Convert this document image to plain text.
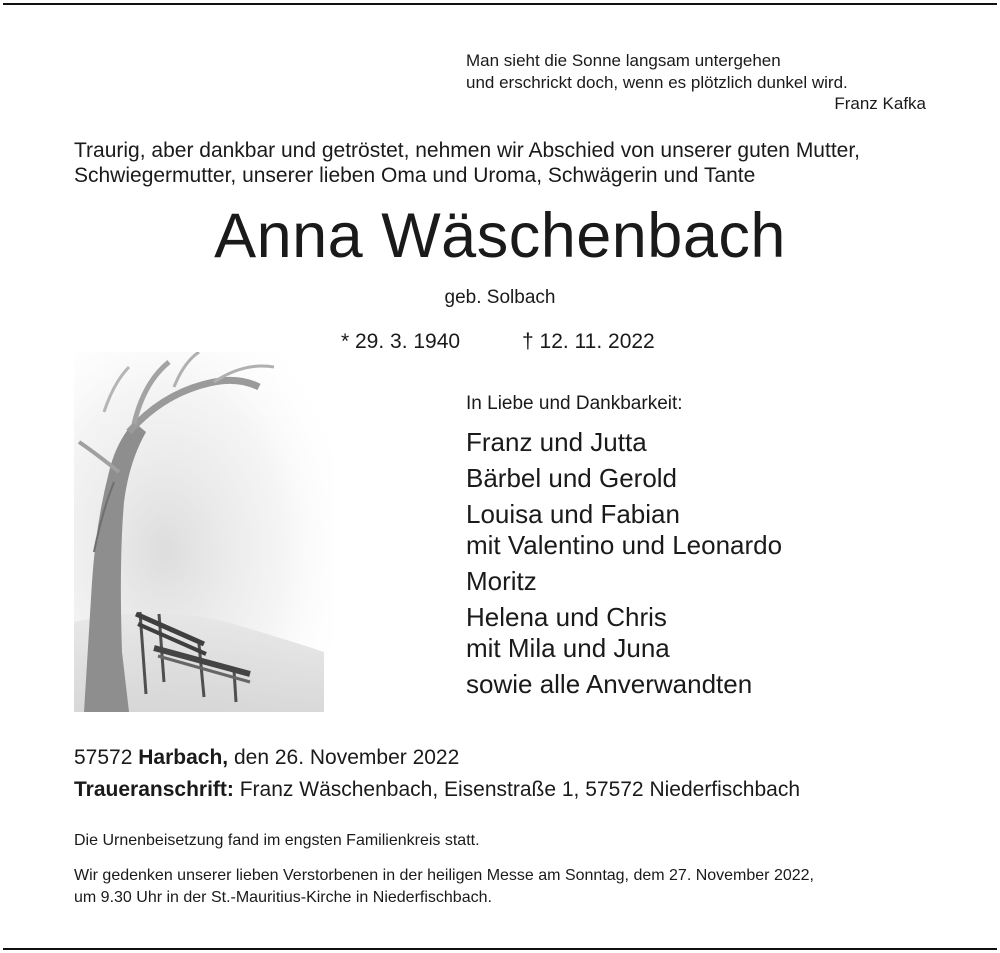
Man sieht die Sonne langsam untergehen
und erschrickt doch, wenn es plötzlich dunkel wird.
Franz Kafka
Traurig, aber dankbar und getröstet, nehmen wir Abschied von unserer guten Mutter,
Schwiegermutter, unserer lieben Oma und Uroma, Schwägerin und Tante
Anna Wäschenbach
geb. Solbach
* 29. 3. 1940	† 12. 11. 2022
In Liebe und Dankbarkeit:
Franz und Jutta
Bärbel und Gerold
Louisa und Fabian
mit Valentino und Leonardo
Moritz
Helena und Chris
mit Mila und Juna
sowie alle Anverwandten
57572 Harbach, den 26. November 2022
Traueranschrift: Franz Wäschenbach, Eisenstraße 1, 57572 Niederfischbach
Die Urnenbeisetzung fand im engsten Familienkreis statt.
Wir gedenken unserer lieben Verstorbenen in der heiligen Messe am Sonntag, dem 27. November 2022,
um 9.30 Uhr in der St.-Mauritius-Kirche in Niederfischbach.
